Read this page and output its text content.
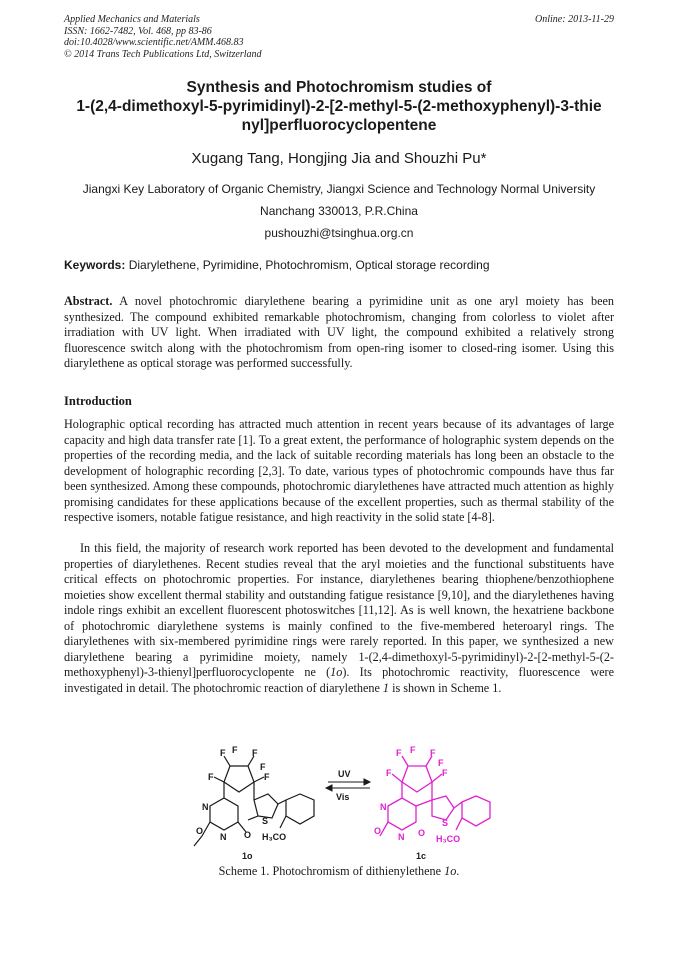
Applied Mechanics and Materials
ISSN: 1662-7482, Vol. 468, pp 83-86
doi:10.4028/www.scientific.net/AMM.468.83
© 2014 Trans Tech Publications Ltd, Switzerland
Online: 2013-11-29
Synthesis and Photochromism studies of
1-(2,4-dimethoxyl-5-pyrimidinyl)-2-[2-methyl-5-(2-methoxyphenyl)-3-thie
nyl]perfluorocyclopentene
Xugang Tang, Hongjing Jia and Shouzhi Pu*
Jiangxi Key Laboratory of Organic Chemistry, Jiangxi Science and Technology Normal University
Nanchang 330013, P.R.China
pushouzhi@tsinghua.org.cn
Keywords: Diarylethene, Pyrimidine, Photochromism, Optical storage recording
Abstract. A novel photochromic diarylethene bearing a pyrimidine unit as one aryl moiety has been synthesized. The compound exhibited remarkable photochromism, changing from colorless to violet after irradiation with UV light. When irradiated with UV light, the compound exhibited a relatively strong fluorescence switch along with the photochromism from open-ring isomer to closed-ring isomer. Using this diarylethene as optical storage was performed successfully.
Introduction
Holographic optical recording has attracted much attention in recent years because of its advantages of large capacity and high data transfer rate [1]. To a great extent, the performance of holographic system depends on the properties of the recording media, and the lack of suitable recording materials has long been an obstacle to the development of holographic recording [2,3]. To date, various types of photochromic compounds have thus far been synthesized. Among these compounds, photochromic diarylethenes have attracted much attention as highly promising candidates for these applications because of the excellent properties, such as thermal stability of the respective isomers, notable fatigue resistance, and high reactivity in the solid state [4-8].
In this field, the majority of research work reported has been devoted to the development and fundamental properties of diarylethenes. Recent studies reveal that the aryl moieties and the functional substituents have critical effects on photochromic properties. For instance, diarylethenes bearing thiophene/benzothiophene moieties show excellent thermal stability and outstanding fatigue resistance [9,10], and the diarylethenes having indole rings exhibit an excellent fluorescent photoswitches [11,12]. As is well known, the hexatriene backbone of photochromic diarylethene systems is mainly confined to the five-membered heteroaryl rings. The diarylethenes with six-membered pyrimidine rings were rarely reported. In this paper, we synthesized a new diarylethene bearing a pyrimidine moiety, namely 1-(2,4-dimethoxyl-5-pyrimidinyl)-2-[2-methyl-5-(2-methoxyphenyl)-3-thienyl]perfluorocyclopente ne (1o). Its photochromic reactivity, fluorescence were investigated in detail. The photochromic reaction of diarylethene 1 is shown in Scheme 1.
F
F F F
F
F
N
N
O	O
S
H₃CO
1o
UV
Vis
F
F F F
F
F
N
N
O	O
S
H₃CO
1c
Scheme 1. Photochromism of dithienylethene 1o.
